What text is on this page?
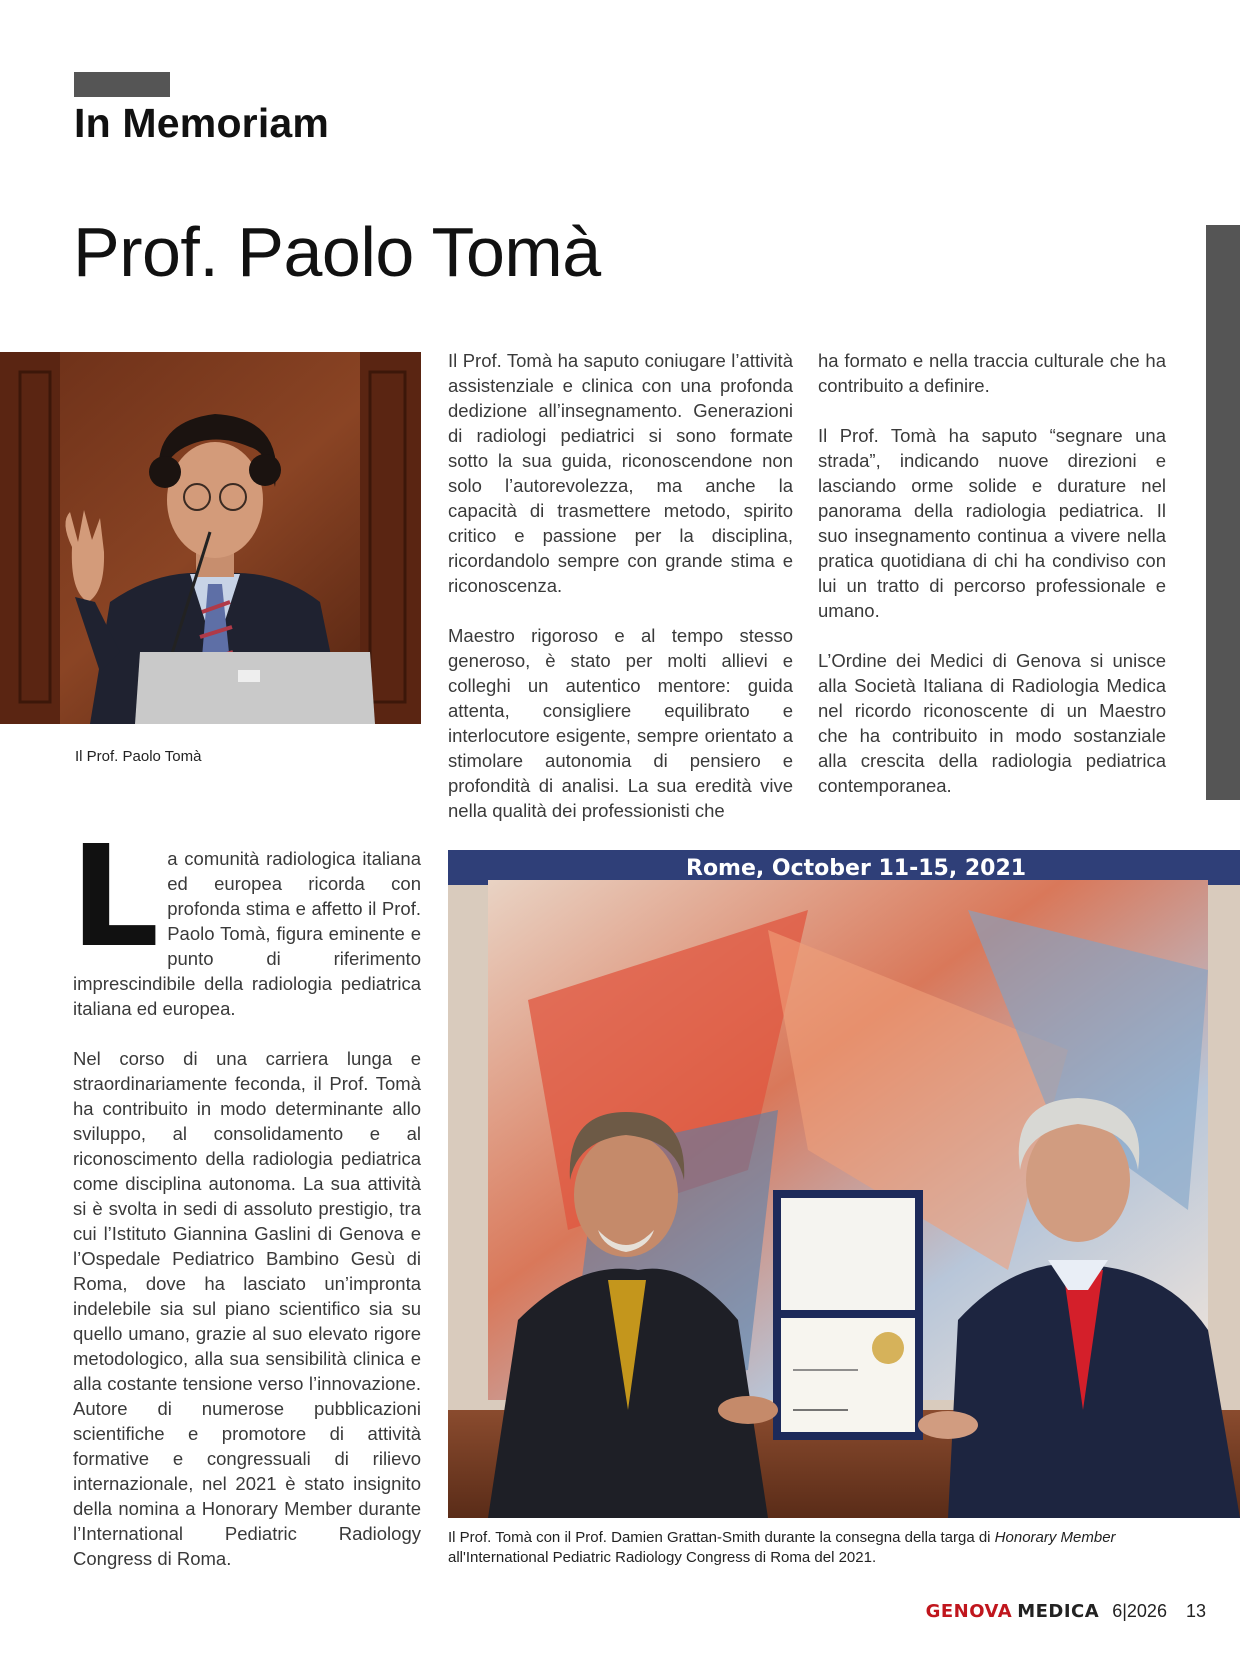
In Memoriam
Prof. Paolo Tomà
Il Prof. Paolo Tomà

La comunità radiologica italiana ed europea ricorda con profonda stima e affetto il Prof. Paolo Tomà, figura eminente e punto di riferimento imprescindibile della radiologia pediatrica italiana ed europea.

Nel corso di una carriera lunga e straordinariamente feconda, il Prof. Tomà ha contribuito in modo determinante allo sviluppo, al consolidamento e al riconoscimento della radiologia pediatrica come disciplina autonoma. La sua attività si è svolta in sedi di assoluto prestigio, tra cui l’Istituto Giannina Gaslini di Genova e l’Ospedale Pediatrico Bambino Gesù di Roma, dove ha lasciato un’impronta indelebile sia sul piano scientifico sia su quello umano, grazie al suo elevato rigore metodologico, alla sua sensibilità clinica e alla costante tensione verso l’innovazione. Autore di numerose pubblicazioni scientifiche e promotore di attività formative e congressuali di rilievo internazionale, nel 2021 è stato insignito della nomina a Honorary Member durante l’International Pediatric Radiology Congress di Roma.

Il Prof. Tomà ha saputo coniugare l’attività assistenziale e clinica con una profonda dedizione all’insegnamento. Generazioni di radiologi pediatrici si sono formate sotto la sua guida, riconoscendone non solo l’autorevolezza, ma anche la capacità di trasmettere metodo, spirito critico e passione per la disciplina, ricordandolo sempre con grande stima e riconoscenza.

Maestro rigoroso e al tempo stesso generoso, è stato per molti allievi e colleghi un autentico mentore: guida attenta, consigliere equilibrato e interlocutore esigente, sempre orientato a stimolare autonomia di pensiero e profondità di analisi. La sua eredità vive nella qualità dei professionisti che

ha formato e nella traccia culturale che ha contribuito a definire.

Il Prof. Tomà ha saputo “segnare una strada”, indicando nuove direzioni e lasciando orme solide e durature nel panorama della radiologia pediatrica. Il suo insegnamento continua a vivere nella pratica quotidiana di chi ha condiviso con lui un tratto di percorso professionale e umano.

L’Ordine dei Medici di Genova si unisce alla Società Italiana di Radiologia Medica nel ricordo riconoscente di un Maestro che ha contribuito in modo sostanziale alla crescita della radiologia pediatrica contemporanea.

Rome, October 11-15, 2021
Il Prof. Tomà con il Prof. Damien Grattan-Smith durante la consegna della targa di Honorary Member
all'International Pediatric Radiology Congress di Roma del 2021.
GENOVA MEDICA 6|2026 13
